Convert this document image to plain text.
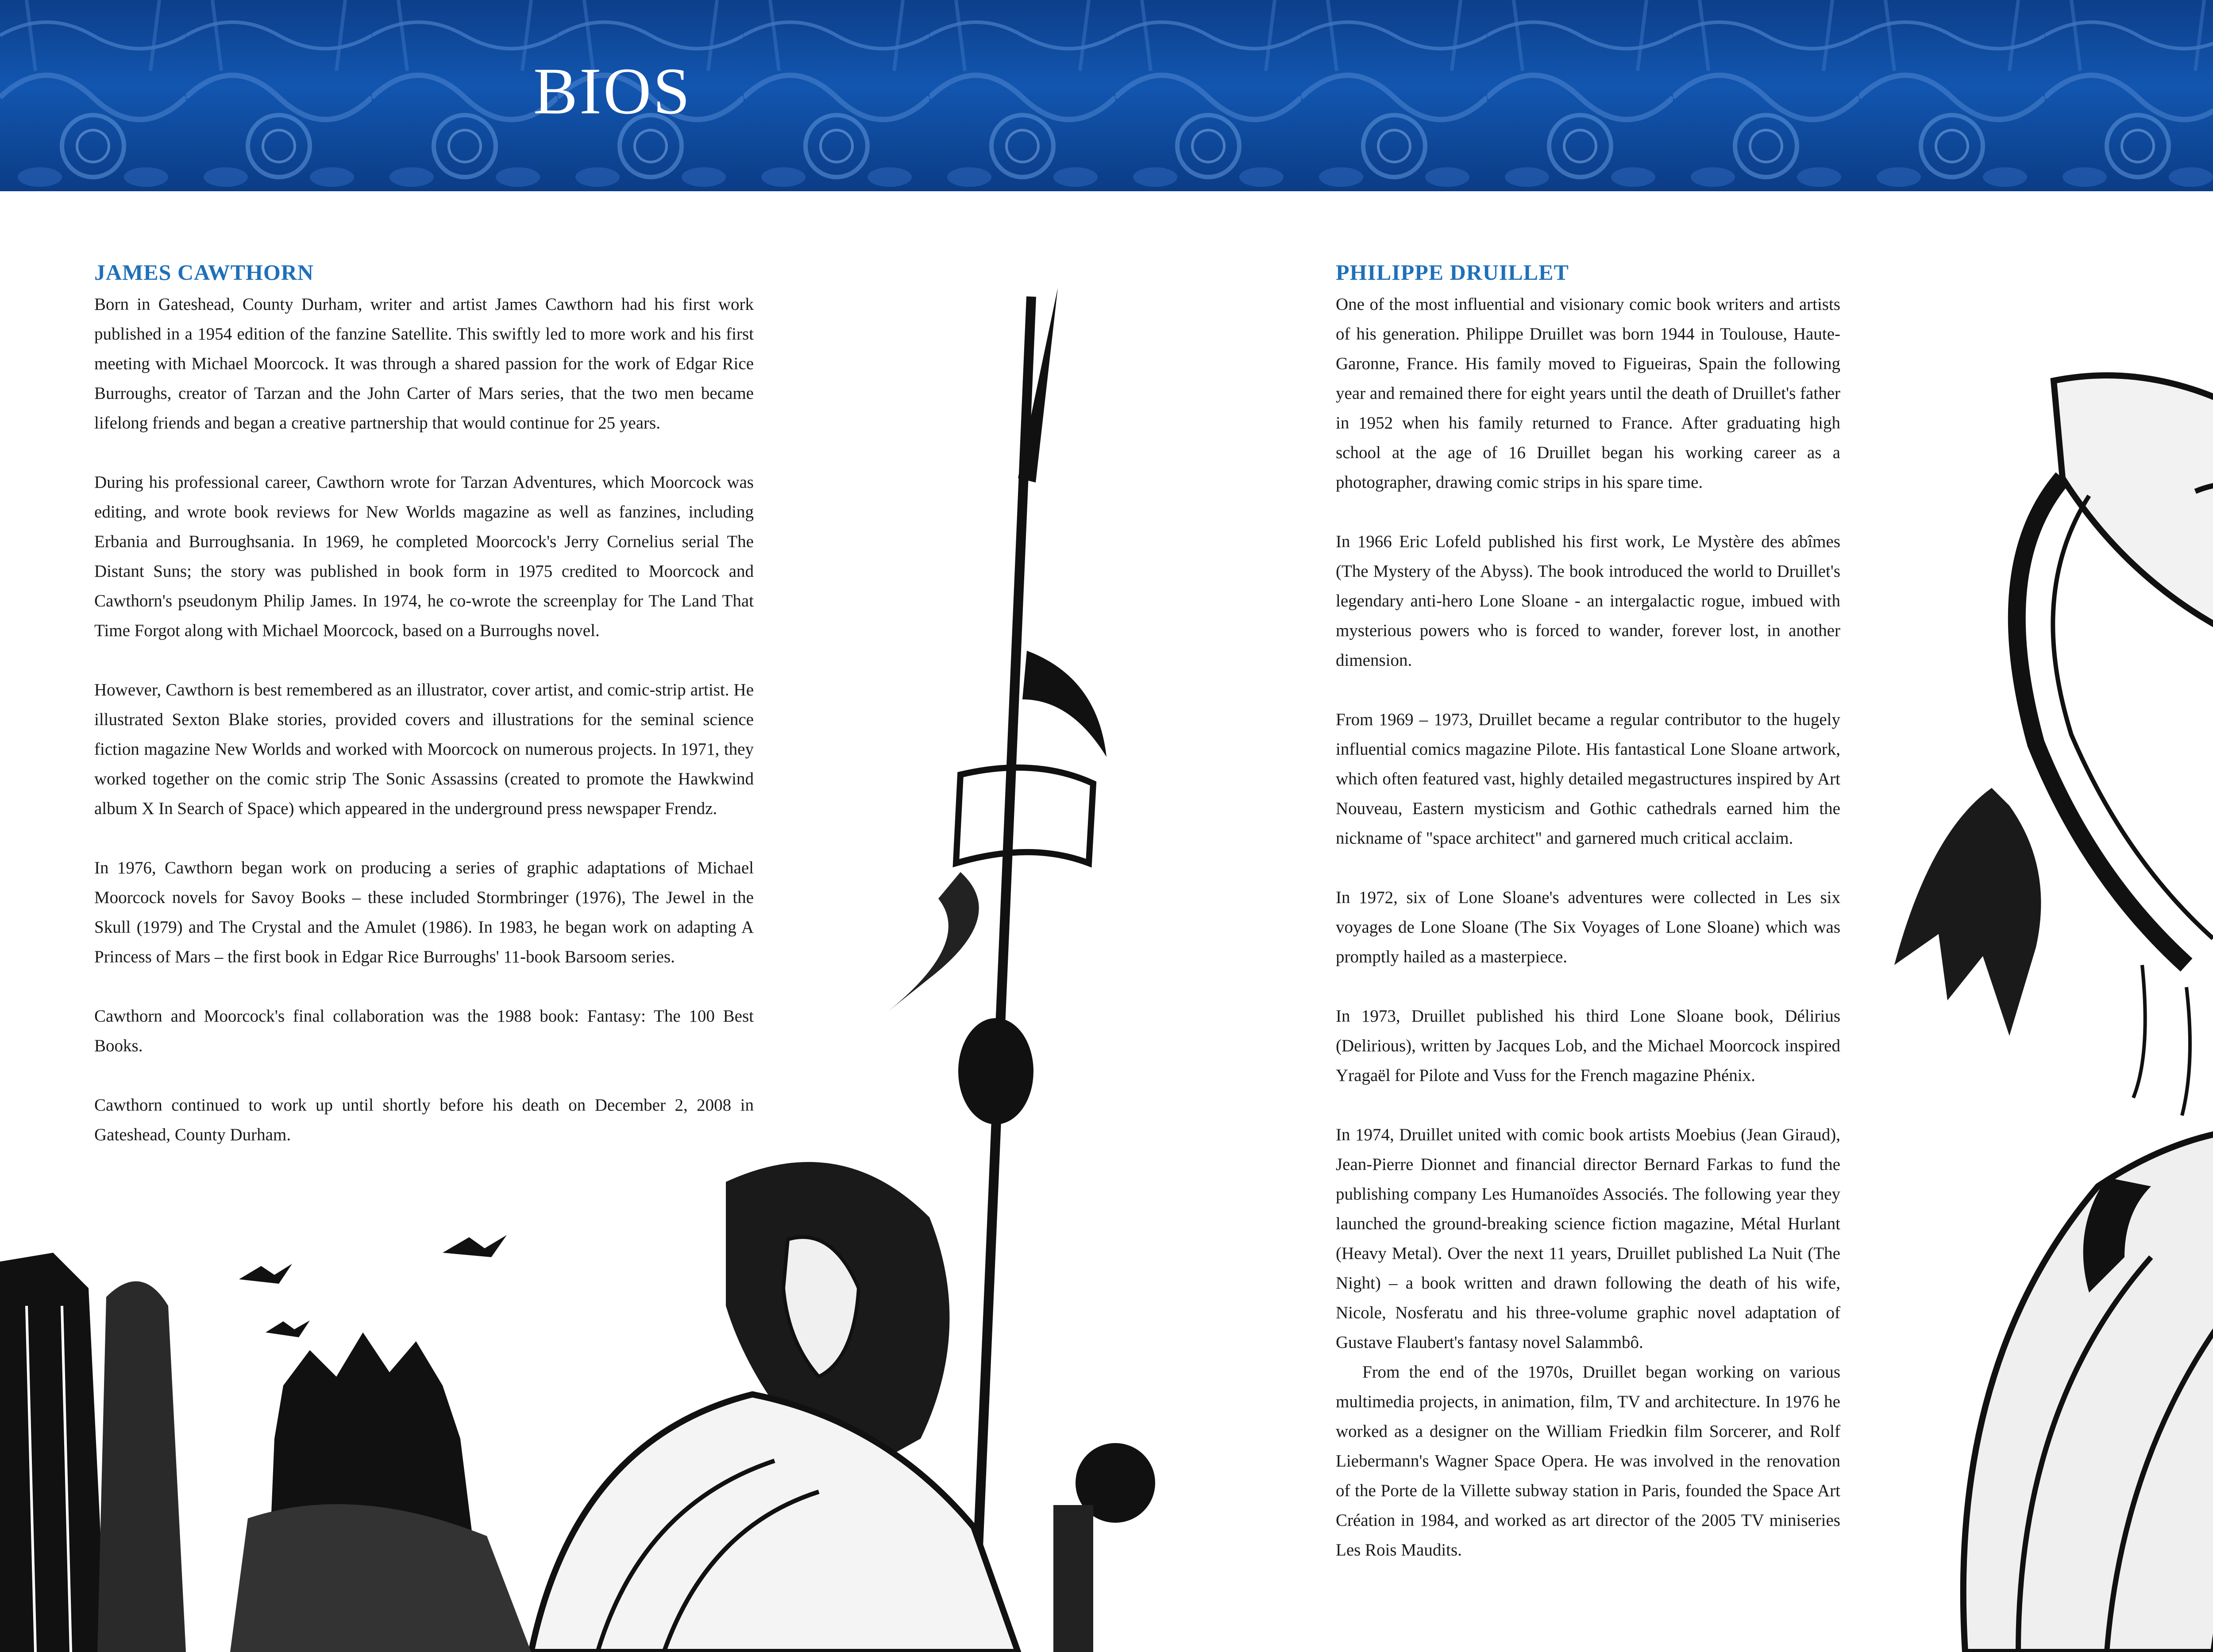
BIOS
JAMES CAWTHORN

Born in Gateshead, County Durham, writer and artist James Cawthorn had his first work published in a 1954 edition of the fanzine Satellite. This swiftly led to more work and his first meeting with Michael Moorcock. It was through a shared passion for the work of Edgar Rice Burroughs, creator of Tarzan and the John Carter of Mars series, that the two men became lifelong friends and began a creative partnership that would continue for 25 years.

During his professional career, Cawthorn wrote for Tarzan Adventures, which Moorcock was editing, and wrote book reviews for New Worlds magazine as well as fanzines, including Erbania and Burroughsania. In 1969, he completed Moorcock's Jerry Cornelius serial The Distant Suns; the story was published in book form in 1975 credited to Moorcock and Cawthorn's pseudonym Philip James. In 1974, he co-wrote the screenplay for The Land That Time Forgot along with Michael Moorcock, based on a Burroughs novel.

However, Cawthorn is best remembered as an illustrator, cover artist, and comic-strip artist. He illustrated Sexton Blake stories, provided covers and illustrations for the seminal science fiction magazine New Worlds and worked with Moorcock on numerous projects. In 1971, they worked together on the comic strip The Sonic Assassins (created to promote the Hawkwind album X In Search of Space) which appeared in the underground press newspaper Frendz.

In 1976, Cawthorn began work on producing a series of graphic adaptations of Michael Moorcock novels for Savoy Books – these included Stormbringer (1976), The Jewel in the Skull (1979) and The Crystal and the Amulet (1986). In 1983, he began work on adapting A Princess of Mars – the first book in Edgar Rice Burroughs' 11-book Barsoom series.

Cawthorn and Moorcock's final collaboration was the 1988 book: Fantasy: The 100 Best Books.

Cawthorn continued to work up until shortly before his death on December 2, 2008 in Gateshead, County Durham.

PHILIPPE DRUILLET

One of the most influential and visionary comic book writers and artists of his generation. Philippe Druillet was born 1944 in Toulouse, Haute-Garonne, France. His family moved to Figueiras, Spain the following year and remained there for eight years until the death of Druillet's father in 1952 when his family returned to France. After graduating high school at the age of 16 Druillet began his working career as a photographer, drawing comic strips in his spare time.

In 1966 Eric Lofeld published his first work, Le Mystère des abîmes (The Mystery of the Abyss). The book introduced the world to Druillet's legendary anti-hero Lone Sloane - an intergalactic rogue, imbued with mysterious powers who is forced to wander, forever lost, in another dimension.

From 1969 – 1973, Druillet became a regular contributor to the hugely influential comics magazine Pilote. His fantastical Lone Sloane artwork, which often featured vast, highly detailed megastructures inspired by Art Nouveau, Eastern mysticism and Gothic cathedrals earned him the nickname of "space architect" and garnered much critical acclaim.

In 1972, six of Lone Sloane's adventures were collected in Les six voyages de Lone Sloane (The Six Voyages of Lone Sloane) which was promptly hailed as a masterpiece.

In 1973, Druillet published his third Lone Sloane book, Délirius (Delirious), written by Jacques Lob, and the Michael Moorcock inspired Yragaël for Pilote and Vuss for the French magazine Phénix.

In 1974, Druillet united with comic book artists Moebius (Jean Giraud), Jean-Pierre Dionnet and financial director Bernard Farkas to fund the publishing company Les Humanoïdes Associés. The following year they launched the ground-breaking science fiction magazine, Métal Hurlant (Heavy Metal). Over the next 11 years, Druillet published La Nuit (The Night) – a book written and drawn following the death of his wife, Nicole, Nosferatu and his three-volume graphic novel adaptation of Gustave Flaubert's fantasy novel Salammbô.

From the end of the 1970s, Druillet began working on various multimedia projects, in animation, film, TV and architecture. In 1976 he worked as a designer on the William Friedkin film Sorcerer, and Rolf Liebermann's Wagner Space Opera. He was involved in the renovation of the Porte de la Villette subway station in Paris, founded the Space Art Création in 1984, and worked as art director of the 2005 TV miniseries Les Rois Maudits.
